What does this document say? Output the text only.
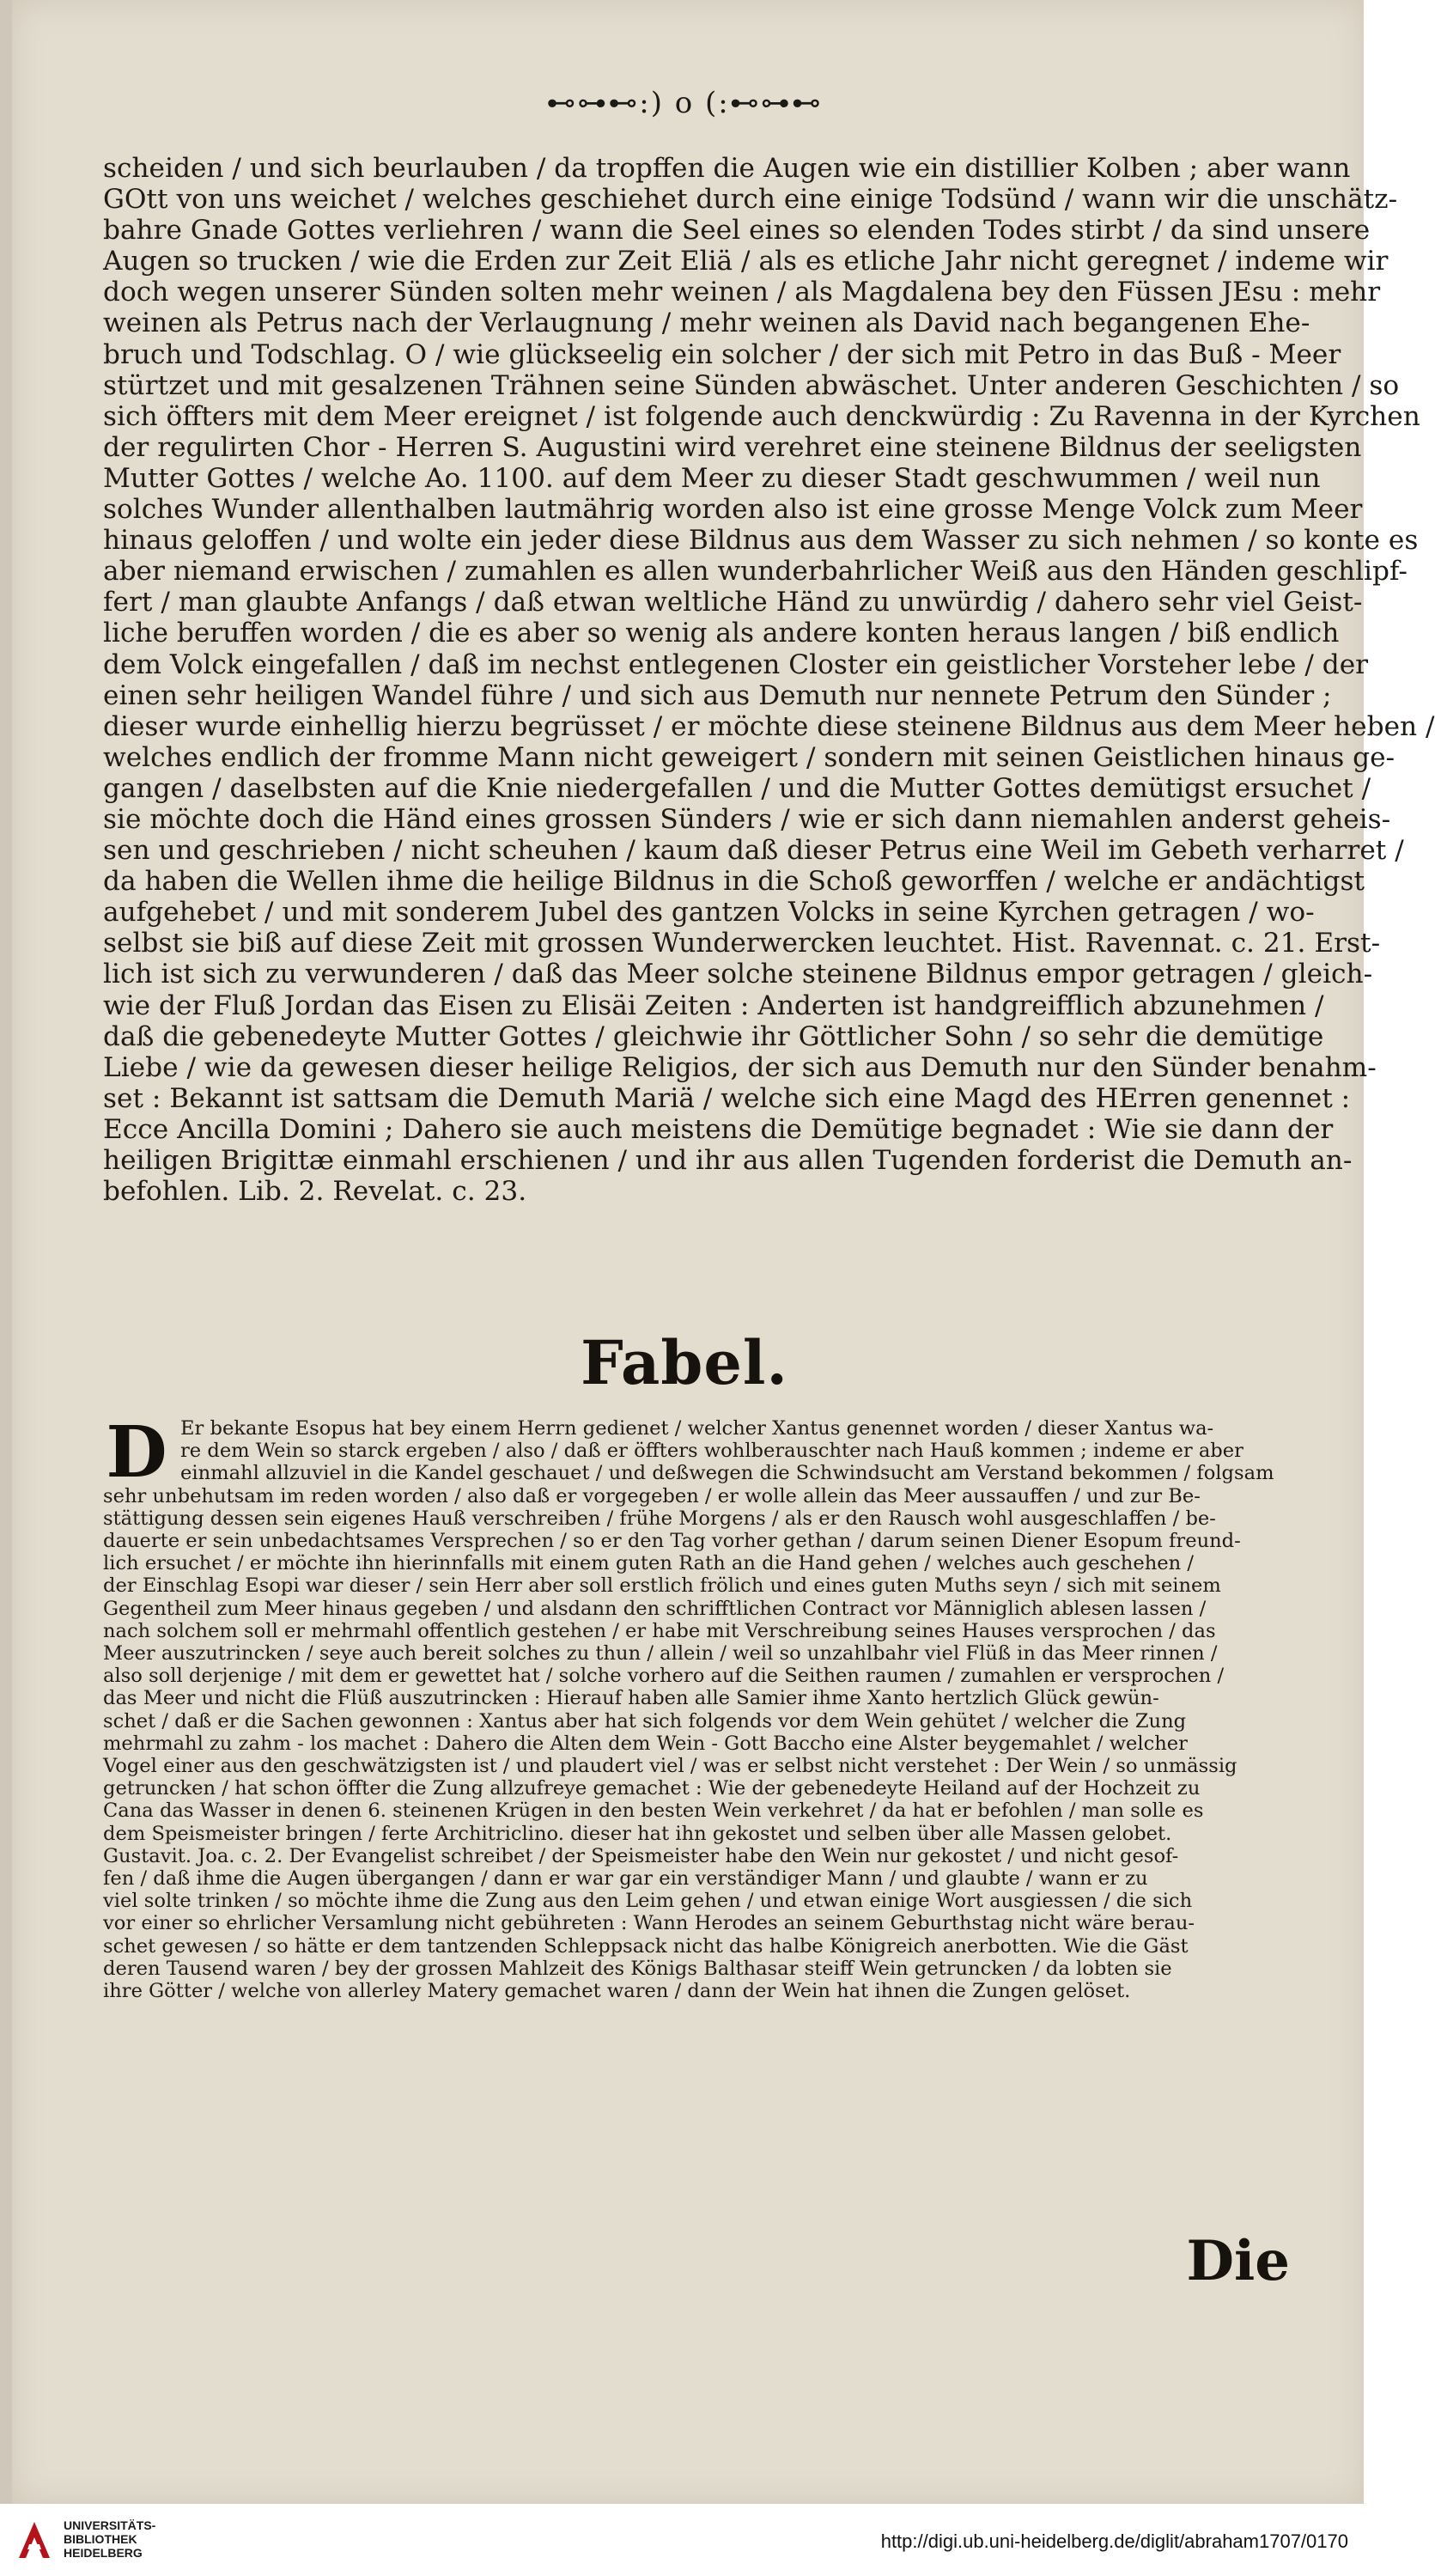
⊷⊶⊷:) o (:⊷⊶⊷
scheiden / und sich beurlauben / da tropffen die Augen wie ein distillier Kolben ; aber wann
GOtt von uns weichet / welches geschiehet durch eine einige Todsünd / wann wir die unschätz-
bahre Gnade Gottes verliehren / wann die Seel eines so elenden Todes stirbt / da sind unsere
Augen so trucken / wie die Erden zur Zeit Eliä / als es etliche Jahr nicht geregnet / indeme wir
doch wegen unserer Sünden solten mehr weinen / als Magdalena bey den Füssen JEsu : mehr
weinen als Petrus nach der Verlaugnung / mehr weinen als David nach begangenen Ehe-
bruch und Todschlag. O / wie glückseelig ein solcher / der sich mit Petro in das Buß - Meer
stürtzet und mit gesalzenen Trähnen seine Sünden abwäschet. Unter anderen Geschichten / so
sich öffters mit dem Meer ereignet / ist folgende auch denckwürdig : Zu Ravenna in der Kyrchen
der regulirten Chor - Herren S. Augustini wird verehret eine steinene Bildnus der seeligsten
Mutter Gottes / welche Ao. 1100. auf dem Meer zu dieser Stadt geschwummen / weil nun
solches Wunder allenthalben lautmährig worden also ist eine grosse Menge Volck zum Meer
hinaus geloffen / und wolte ein jeder diese Bildnus aus dem Wasser zu sich nehmen / so konte es
aber niemand erwischen / zumahlen es allen wunderbahrlicher Weiß aus den Händen geschlipf-
fert / man glaubte Anfangs / daß etwan weltliche Händ zu unwürdig / dahero sehr viel Geist-
liche beruffen worden / die es aber so wenig als andere konten heraus langen / biß endlich
dem Volck eingefallen / daß im nechst entlegenen Closter ein geistlicher Vorsteher lebe / der
einen sehr heiligen Wandel führe / und sich aus Demuth nur nennete Petrum den Sünder ;
dieser wurde einhellig hierzu begrüsset / er möchte diese steinene Bildnus aus dem Meer heben /
welches endlich der fromme Mann nicht geweigert / sondern mit seinen Geistlichen hinaus ge-
gangen / daselbsten auf die Knie niedergefallen / und die Mutter Gottes demütigst ersuchet /
sie möchte doch die Händ eines grossen Sünders / wie er sich dann niemahlen anderst geheis-
sen und geschrieben / nicht scheuhen / kaum daß dieser Petrus eine Weil im Gebeth verharret /
da haben die Wellen ihme die heilige Bildnus in die Schoß geworffen / welche er andächtigst
aufgehebet / und mit sonderem Jubel des gantzen Volcks in seine Kyrchen getragen / wo-
selbst sie biß auf diese Zeit mit grossen Wunderwercken leuchtet. Hist. Ravennat. c. 21. Erst-
lich ist sich zu verwunderen / daß das Meer solche steinene Bildnus empor getragen / gleich-
wie der Fluß Jordan das Eisen zu Elisäi Zeiten : Anderten ist handgreifflich abzunehmen /
daß die gebenedeyte Mutter Gottes / gleichwie ihr Göttlicher Sohn / so sehr die demütige
Liebe / wie da gewesen dieser heilige Religios, der sich aus Demuth nur den Sünder benahm-
set : Bekannt ist sattsam die Demuth Mariä / welche sich eine Magd des HErren genennet :
Ecce Ancilla Domini ; Dahero sie auch meistens die Demütige begnadet : Wie sie dann der
heiligen Brigittæ einmahl erschienen / und ihr aus allen Tugenden forderist die Demuth an-
befohlen. Lib. 2. Revelat. c. 23.
Fabel.
D Er bekante Esopus hat bey einem Herrn gedienet / welcher Xantus genennet worden / dieser Xantus wa-
re dem Wein so starck ergeben / also / daß er öffters wohlberauschter nach Hauß kommen ; indeme er aber
einmahl allzuviel in die Kandel geschauet / und deßwegen die Schwindsucht am Verstand bekommen / folgsam
sehr unbehutsam im reden worden / also daß er vorgegeben / er wolle allein das Meer aussauffen / und zur Be-
stättigung dessen sein eigenes Hauß verschreiben / frühe Morgens / als er den Rausch wohl ausgeschlaffen / be-
dauerte er sein unbedachtsames Versprechen / so er den Tag vorher gethan / darum seinen Diener Esopum freund-
lich ersuchet / er möchte ihn hierinnfalls mit einem guten Rath an die Hand gehen / welches auch geschehen /
der Einschlag Esopi war dieser / sein Herr aber soll erstlich frölich und eines guten Muths seyn / sich mit seinem
Gegentheil zum Meer hinaus gegeben / und alsdann den schrifftlichen Contract vor Männiglich ablesen lassen /
nach solchem soll er mehrmahl offentlich gestehen / er habe mit Verschreibung seines Hauses versprochen / das
Meer auszutrincken / seye auch bereit solches zu thun / allein / weil so unzahlbahr viel Flüß in das Meer rinnen /
also soll derjenige / mit dem er gewettet hat / solche vorhero auf die Seithen raumen / zumahlen er versprochen /
das Meer und nicht die Flüß auszutrincken : Hierauf haben alle Samier ihme Xanto hertzlich Glück gewün-
schet / daß er die Sachen gewonnen : Xantus aber hat sich folgends vor dem Wein gehütet / welcher die Zung
mehrmahl zu zahm - los machet : Dahero die Alten dem Wein - Gott Baccho eine Alster beygemahlet / welcher
Vogel einer aus den geschwätzigsten ist / und plaudert viel / was er selbst nicht verstehet : Der Wein / so unmässig
getruncken / hat schon öffter die Zung allzufreye gemachet : Wie der gebenedeyte Heiland auf der Hochzeit zu
Cana das Wasser in denen 6. steinenen Krügen in den besten Wein verkehret / da hat er befohlen / man solle es
dem Speismeister bringen / ferte Architriclino. dieser hat ihn gekostet und selben über alle Massen gelobet.
Gustavit. Joa. c. 2. Der Evangelist schreibet / der Speismeister habe den Wein nur gekostet / und nicht gesof-
fen / daß ihme die Augen übergangen / dann er war gar ein verständiger Mann / und glaubte / wann er zu
viel solte trinken / so möchte ihme die Zung aus den Leim gehen / und etwan einige Wort ausgiessen / die sich
vor einer so ehrlicher Versamlung nicht gebühreten : Wann Herodes an seinem Geburthstag nicht wäre berau-
schet gewesen / so hätte er dem tantzenden Schleppsack nicht das halbe Königreich anerbotten. Wie die Gäst
deren Tausend waren / bey der grossen Mahlzeit des Königs Balthasar steiff Wein getruncken / da lobten sie
ihre Götter / welche von allerley Matery gemachet waren / dann der Wein hat ihnen die Zungen gelöset.
Die
UNIVERSITÄTS-
BIBLIOTHEK
HEIDELBERG
http://digi.ub.uni-heidelberg.de/diglit/abraham1707/0170
